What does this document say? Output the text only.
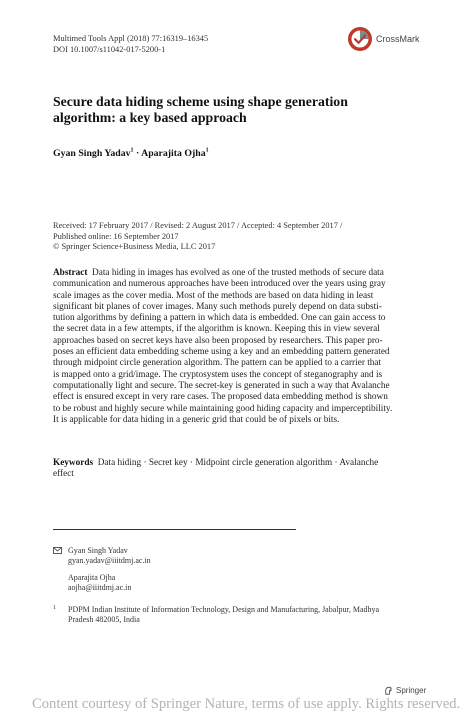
Multimed Tools Appl (2018) 77:16319–16345
DOI 10.1007/s11042-017-5200-1
CrossMark
Secure data hiding scheme using shape generation
algorithm: a key based approach
Gyan Singh Yadav$^1$ · Aparajita Ojha$^1$
Received: 17 February 2017 / Revised: 2 August 2017 / Accepted: 4 September 2017 /
Published online: 16 September 2017
© Springer Science+Business Media, LLC 2017
Abstract Data hiding in images has evolved as one of the trusted methods of secure data
communication and numerous approaches have been introduced over the years using gray
scale images as the cover media. Most of the methods are based on data hiding in least
significant bit planes of cover images. Many such methods purely depend on data substi-
tution algorithms by defining a pattern in which data is embedded. One can gain access to
the secret data in a few attempts, if the algorithm is known. Keeping this in view several
approaches based on secret keys have also been proposed by researchers. This paper pro-
poses an efficient data embedding scheme using a key and an embedding pattern generated
through midpoint circle generation algorithm. The pattern can be applied to a carrier that
is mapped onto a grid/image. The cryptosystem uses the concept of steganography and is
computationally light and secure. The secret-key is generated in such a way that Avalanche
effect is ensured except in very rare cases. The proposed data embedding method is shown
to be robust and highly secure while maintaining good hiding capacity and imperceptibility.
It is applicable for data hiding in a generic grid that could be of pixels or bits.
Keywords Data hiding · Secret key · Midpoint circle generation algorithm · Avalanche
effect
Gyan Singh Yadav
gyan.yadav@iiitdmj.ac.in
Aparajita Ojha
aojha@iiitdmj.ac.in
1 PDPM Indian Institute of Information Technology, Design and Manufacturing, Jabalpur, Madhya
Pradesh 482005, India
Springer
Content courtesy of Springer Nature, terms of use apply. Rights reserved.
